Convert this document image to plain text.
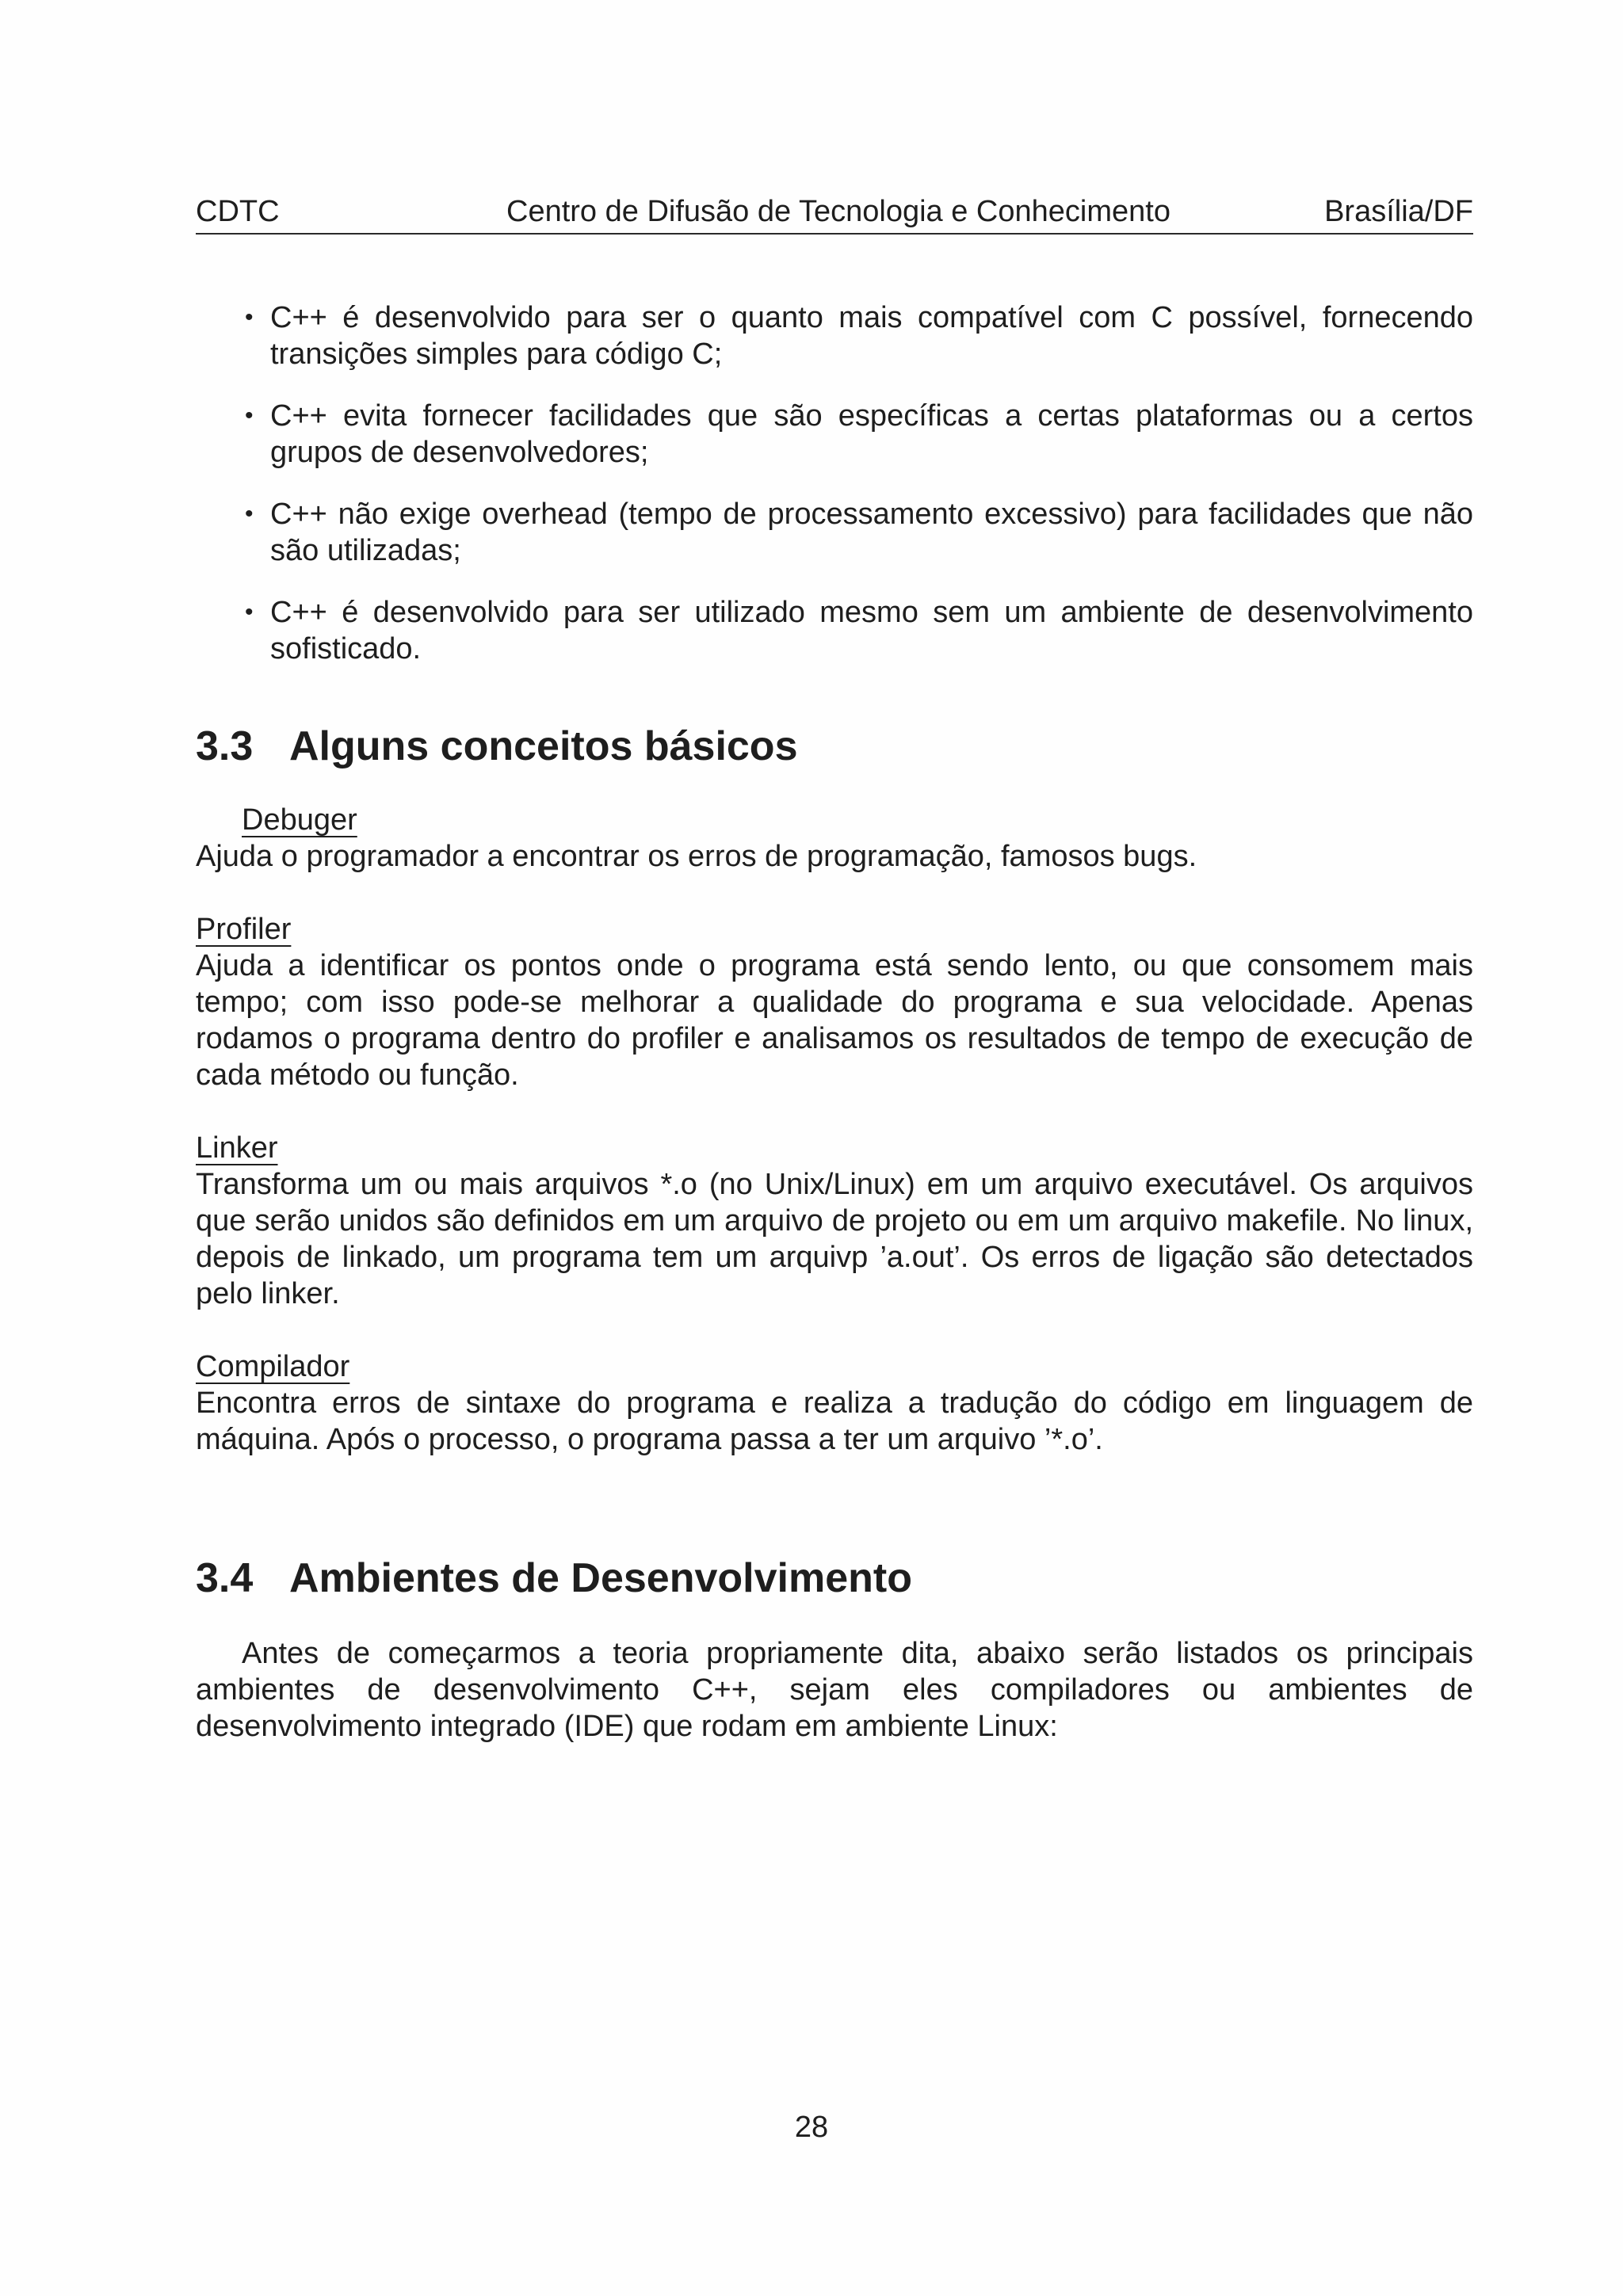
CDTC	Centro de Difusão de Tecnologia e Conhecimento	Brasília/DF
• C++ é desenvolvido para ser o quanto mais compatível com C possível, fornecendo transições simples para código C;
• C++ evita fornecer facilidades que são específicas a certas plataformas ou a certos grupos de desenvolvedores;
• C++ não exige overhead (tempo de processamento excessivo) para facilidades que não são utilizadas;
• C++ é desenvolvido para ser utilizado mesmo sem um ambiente de desenvolvimento sofisticado.
3.3 Alguns conceitos básicos
Debuger
Ajuda o programador a encontrar os erros de programação, famosos bugs.
Profiler
Ajuda a identificar os pontos onde o programa está sendo lento, ou que consomem mais tempo; com isso pode-se melhorar a qualidade do programa e sua velocidade. Apenas rodamos o programa dentro do profiler e analisamos os resultados de tempo de execução de cada método ou função.
Linker
Transforma um ou mais arquivos *.o (no Unix/Linux) em um arquivo executável. Os arquivos que serão unidos são definidos em um arquivo de projeto ou em um arquivo makefile. No linux, depois de linkado, um programa tem um arquivp ’a.out’. Os erros de ligação são detectados pelo linker.
Compilador
Encontra erros de sintaxe do programa e realiza a tradução do código em linguagem de máquina. Após o processo, o programa passa a ter um arquivo ’*.o’.
3.4 Ambientes de Desenvolvimento
Antes de começarmos a teoria propriamente dita, abaixo serão listados os principais ambientes de desenvolvimento C++, sejam eles compiladores ou ambientes de desenvolvimento integrado (IDE) que rodam em ambiente Linux:
28
